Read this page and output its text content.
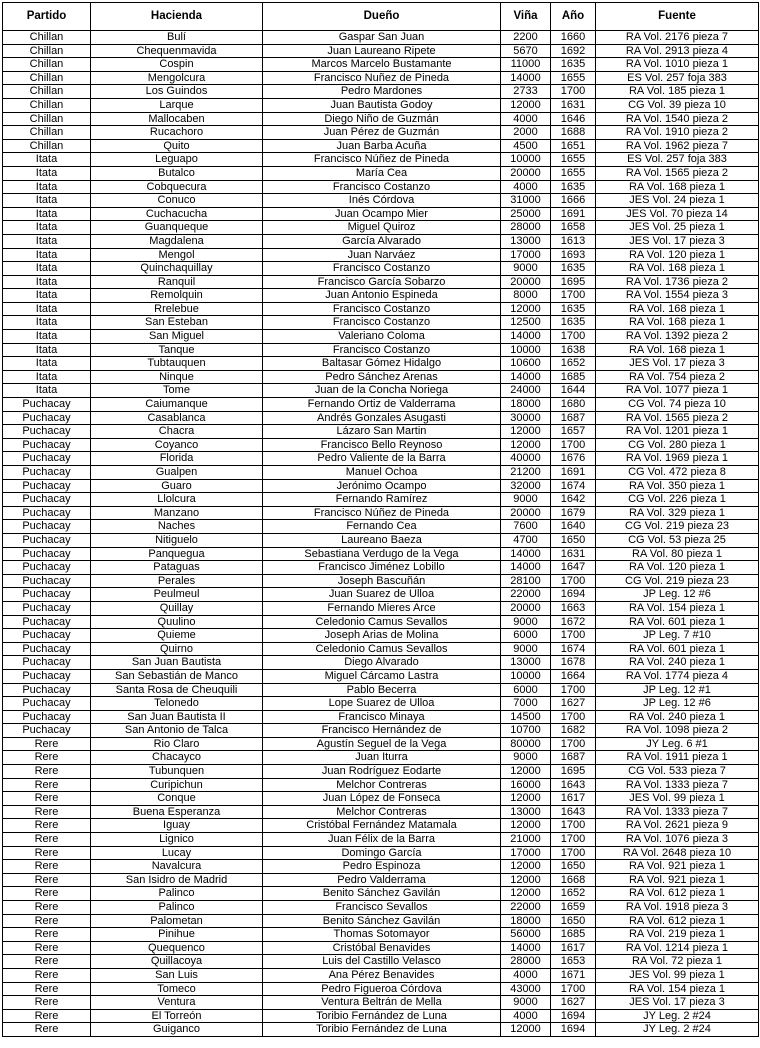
Partido	Hacienda	Dueño	Viña	Año	Fuente
Chillan	Bulí	Gaspar San Juan	2200	1660	RA Vol. 2176 pieza 7
Chillan	Chequenmavida	Juan Laureano Ripete	5670	1692	RA Vol. 2913 pieza 4
Chillan	Cospin	Marcos Marcelo Bustamante	11000	1635	RA Vol. 1010 pieza 1
Chillan	Mengolcura	Francisco Nuñez de Pineda	14000	1655	ES Vol. 257 foja 383
Chillan	Los Guindos	Pedro Mardones	2733	1700	RA Vol. 185 pieza 1
Chillan	Larque	Juan Bautista Godoy	12000	1631	CG Vol. 39 pieza 10
Chillan	Mallocaben	Diego Niño de Guzmán	4000	1646	RA Vol. 1540 pieza 2
Chillan	Rucachoro	Juan Pérez de Guzmán	2000	1688	RA Vol. 1910 pieza 2
Chillan	Quito	Juan Barba Acuña	4500	1651	RA Vol. 1962 pieza 7
Itata	Leguapo	Francisco Núñez de Pineda	10000	1655	ES Vol. 257 foja 383
Itata	Butalco	María Cea	20000	1655	RA Vol. 1565 pieza 2
Itata	Cobquecura	Francisco Costanzo	4000	1635	RA Vol. 168 pieza 1
Itata	Conuco	Inés Córdova	31000	1666	JES Vol. 24 pieza 1
Itata	Cuchacucha	Juan Ocampo Mier	25000	1691	JES Vol. 70 pieza 14
Itata	Guanqueque	Miguel Quiroz	28000	1658	JES Vol. 25 pieza 1
Itata	Magdalena	García Alvarado	13000	1613	JES Vol. 17 pieza 3
Itata	Mengol	Juan Narváez	17000	1693	RA Vol. 120 pieza 1
Itata	Quinchaquillay	Francisco Costanzo	9000	1635	RA Vol. 168 pieza 1
Itata	Ranquil	Francisco García Sobarzo	20000	1695	RA Vol. 1736 pieza 2
Itata	Remolquin	Juan Antonio Espineda	8000	1700	RA Vol. 1554 pieza 3
Itata	Rrelebue	Francisco Costanzo	12000	1635	RA Vol. 168 pieza 1
Itata	San Esteban	Francisco Costanzo	12500	1635	RA Vol. 168 pieza 1
Itata	San Miguel	Valeriano Coloma	14000	1700	RA Vol. 1392 pieza 2
Itata	Tanque	Francisco Costanzo	10000	1638	RA Vol. 168 pieza 1
Itata	Tubtauquen	Baltasar Gómez Hidalgo	10600	1652	JES Vol. 17 pieza 3
Itata	Ninque	Pedro Sánchez Arenas	14000	1685	RA Vol. 754 pieza 2
Itata	Tome	Juan de la Concha Noriega	24000	1644	RA Vol. 1077 pieza 1
Puchacay	Caiumanque	Fernando Ortiz de Valderrama	18000	1680	CG Vol. 74 pieza 10
Puchacay	Casablanca	Andrés Gonzales Asugasti	30000	1687	RA Vol. 1565 pieza 2
Puchacay	Chacra	Lázaro San Martin	12000	1657	RA Vol. 1201 pieza 1
Puchacay	Coyanco	Francisco Bello Reynoso	12000	1700	CG Vol. 280 pieza 1
Puchacay	Florida	Pedro Valiente de la Barra	40000	1676	RA Vol. 1969 pieza 1
Puchacay	Gualpen	Manuel Ochoa	21200	1691	CG Vol. 472 pieza 8
Puchacay	Guaro	Jerónimo Ocampo	32000	1674	RA Vol. 350 pieza 1
Puchacay	Llolcura	Fernando Ramírez	9000	1642	CG Vol. 226 pieza 1
Puchacay	Manzano	Francisco Núñez de Pineda	20000	1679	RA Vol. 329 pieza 1
Puchacay	Naches	Fernando Cea	7600	1640	CG Vol. 219 pieza 23
Puchacay	Nitiguelo	Laureano Baeza	4700	1650	CG Vol. 53 pieza 25
Puchacay	Panquegua	Sebastiana Verdugo de la Vega	14000	1631	RA Vol. 80 pieza 1
Puchacay	Pataguas	Francisco Jiménez Lobillo	14000	1647	RA Vol. 120 pieza 1
Puchacay	Perales	Joseph Bascuñán	28100	1700	CG Vol. 219 pieza 23
Puchacay	Peulmeul	Juan Suarez de Ulloa	22000	1694	JP Leg. 12 #6
Puchacay	Quillay	Fernando Mieres Arce	20000	1663	RA Vol. 154 pieza 1
Puchacay	Quulino	Celedonio Camus Sevallos	9000	1672	RA Vol. 601 pieza 1
Puchacay	Quieme	Joseph Arias de Molina	6000	1700	JP Leg. 7 #10
Puchacay	Quirno	Celedonio Camus Sevallos	9000	1674	RA Vol. 601 pieza 1
Puchacay	San Juan Bautista	Diego Alvarado	13000	1678	RA Vol. 240 pieza 1
Puchacay	San Sebastián de Manco	Miguel Cárcamo Lastra	10000	1664	RA Vol. 1774 pieza 4
Puchacay	Santa Rosa de Cheuquili	Pablo Becerra	6000	1700	JP Leg. 12 #1
Puchacay	Telonedo	Lope Suarez de Ulloa	7000	1627	JP Leg. 12 #6
Puchacay	San Juan Bautista II	Francisco Minaya	14500	1700	RA Vol. 240 pieza 1
Puchacay	San Antonio de Talca	Francisco Hernández de	10700	1682	RA Vol. 1098 pieza 2
Rere	Rio Claro	Agustín Seguel de la Vega	80000	1700	JY Leg. 6 #1
Rere	Chacayco	Juan Iturra	9000	1687	RA Vol. 1911 pieza 1
Rere	Tubunquen	Juan Rodríguez Eodarte	12000	1695	CG Vol. 533 pieza 7
Rere	Curipichun	Melchor Contreras	16000	1643	RA Vol. 1333 pieza 7
Rere	Conque	Juan López de Fonseca	12000	1617	JES Vol. 99 pieza 1
Rere	Buena Esperanza	Melchor Contreras	13000	1643	RA Vol. 1333 pieza 7
Rere	Iguay	Cristóbal Fernández Matamala	12000	1700	RA Vol. 2621 pieza 9
Rere	Lignico	Juan Félix de la Barra	21000	1700	RA Vol. 1076 pieza 3
Rere	Lucay	Domingo García	17000	1700	RA Vol. 2648 pieza 10
Rere	Navalcura	Pedro Espinoza	12000	1650	RA Vol. 921 pieza 1
Rere	San Isidro de Madrid	Pedro Valderrama	12000	1668	RA Vol. 921 pieza 1
Rere	Palinco	Benito Sánchez Gavilán	12000	1652	RA Vol. 612 pieza 1
Rere	Palinco	Francisco Sevallos	22000	1659	RA Vol. 1918 pieza 3
Rere	Palometan	Benito Sánchez Gavilán	18000	1650	RA Vol. 612 pieza 1
Rere	Pinihue	Thomas Sotomayor	56000	1685	RA Vol. 219 pieza 1
Rere	Quequenco	Cristóbal Benavides	14000	1617	RA Vol. 1214 pieza 1
Rere	Quillacoya	Luis del Castillo Velasco	28000	1653	RA Vol. 72 pieza 1
Rere	San Luis	Ana Pérez Benavides	4000	1671	JES Vol. 99 pieza 1
Rere	Tomeco	Pedro Figueroa Córdova	43000	1700	RA Vol. 154 pieza 1
Rere	Ventura	Ventura Beltrán de Mella	9000	1627	JES Vol. 17 pieza 3
Rere	El Torreón	Toribio Fernández de Luna	4000	1694	JY Leg. 2 #24
Rere	Guiganco	Toribio Fernández de Luna	12000	1694	JY Leg. 2 #24
